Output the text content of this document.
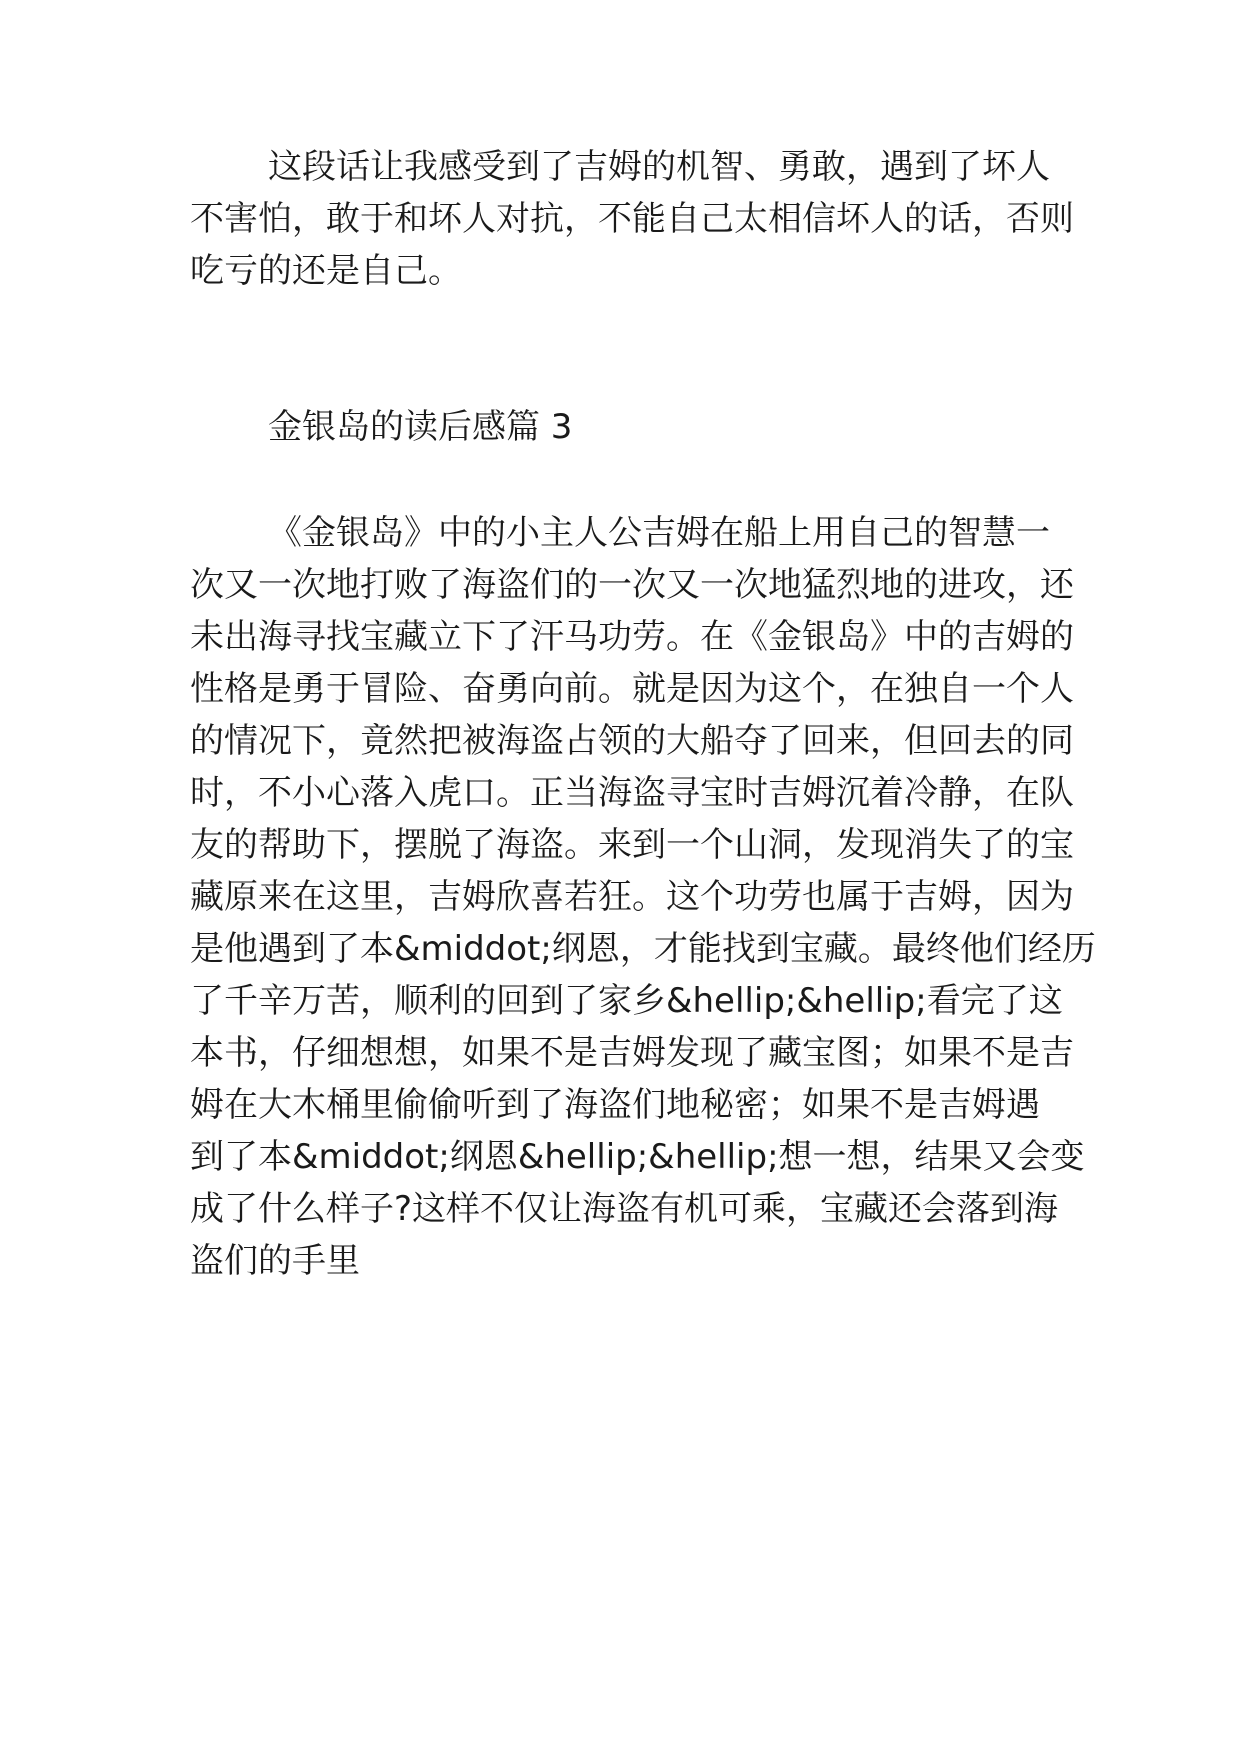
这段话让我感受到了吉姆的机智、勇敢，遇到了坏人

不害怕，敢于和坏人对抗，不能自己太相信坏人的话，否则

吃亏的还是自己。

金银岛的读后感篇 3

《金银岛》中的小主人公吉姆在船上用自己的智慧一

次又一次地打败了海盗们的一次又一次地猛烈地的进攻，还

未出海寻找宝藏立下了汗马功劳。在《金银岛》中的吉姆的

性格是勇于冒险、奋勇向前。就是因为这个，在独自一个人

的情况下，竟然把被海盗占领的大船夺了回来，但回去的同

时，不小心落入虎口。正当海盗寻宝时吉姆沉着冷静，在队

友的帮助下，摆脱了海盗。来到一个山洞，发现消失了的宝

藏原来在这里，吉姆欣喜若狂。这个功劳也属于吉姆，因为

是他遇到了本&middot;纲恩，才能找到宝藏。最终他们经历

了千辛万苦，顺利的回到了家乡&hellip;&hellip;看完了这

本书，仔细想想，如果不是吉姆发现了藏宝图；如果不是吉

姆在大木桶里偷偷听到了海盗们地秘密；如果不是吉姆遇

到了本&middot;纲恩&hellip;&hellip;想一想，结果又会变

成了什么样子?这样不仅让海盗有机可乘，宝藏还会落到海

盗们的手里
